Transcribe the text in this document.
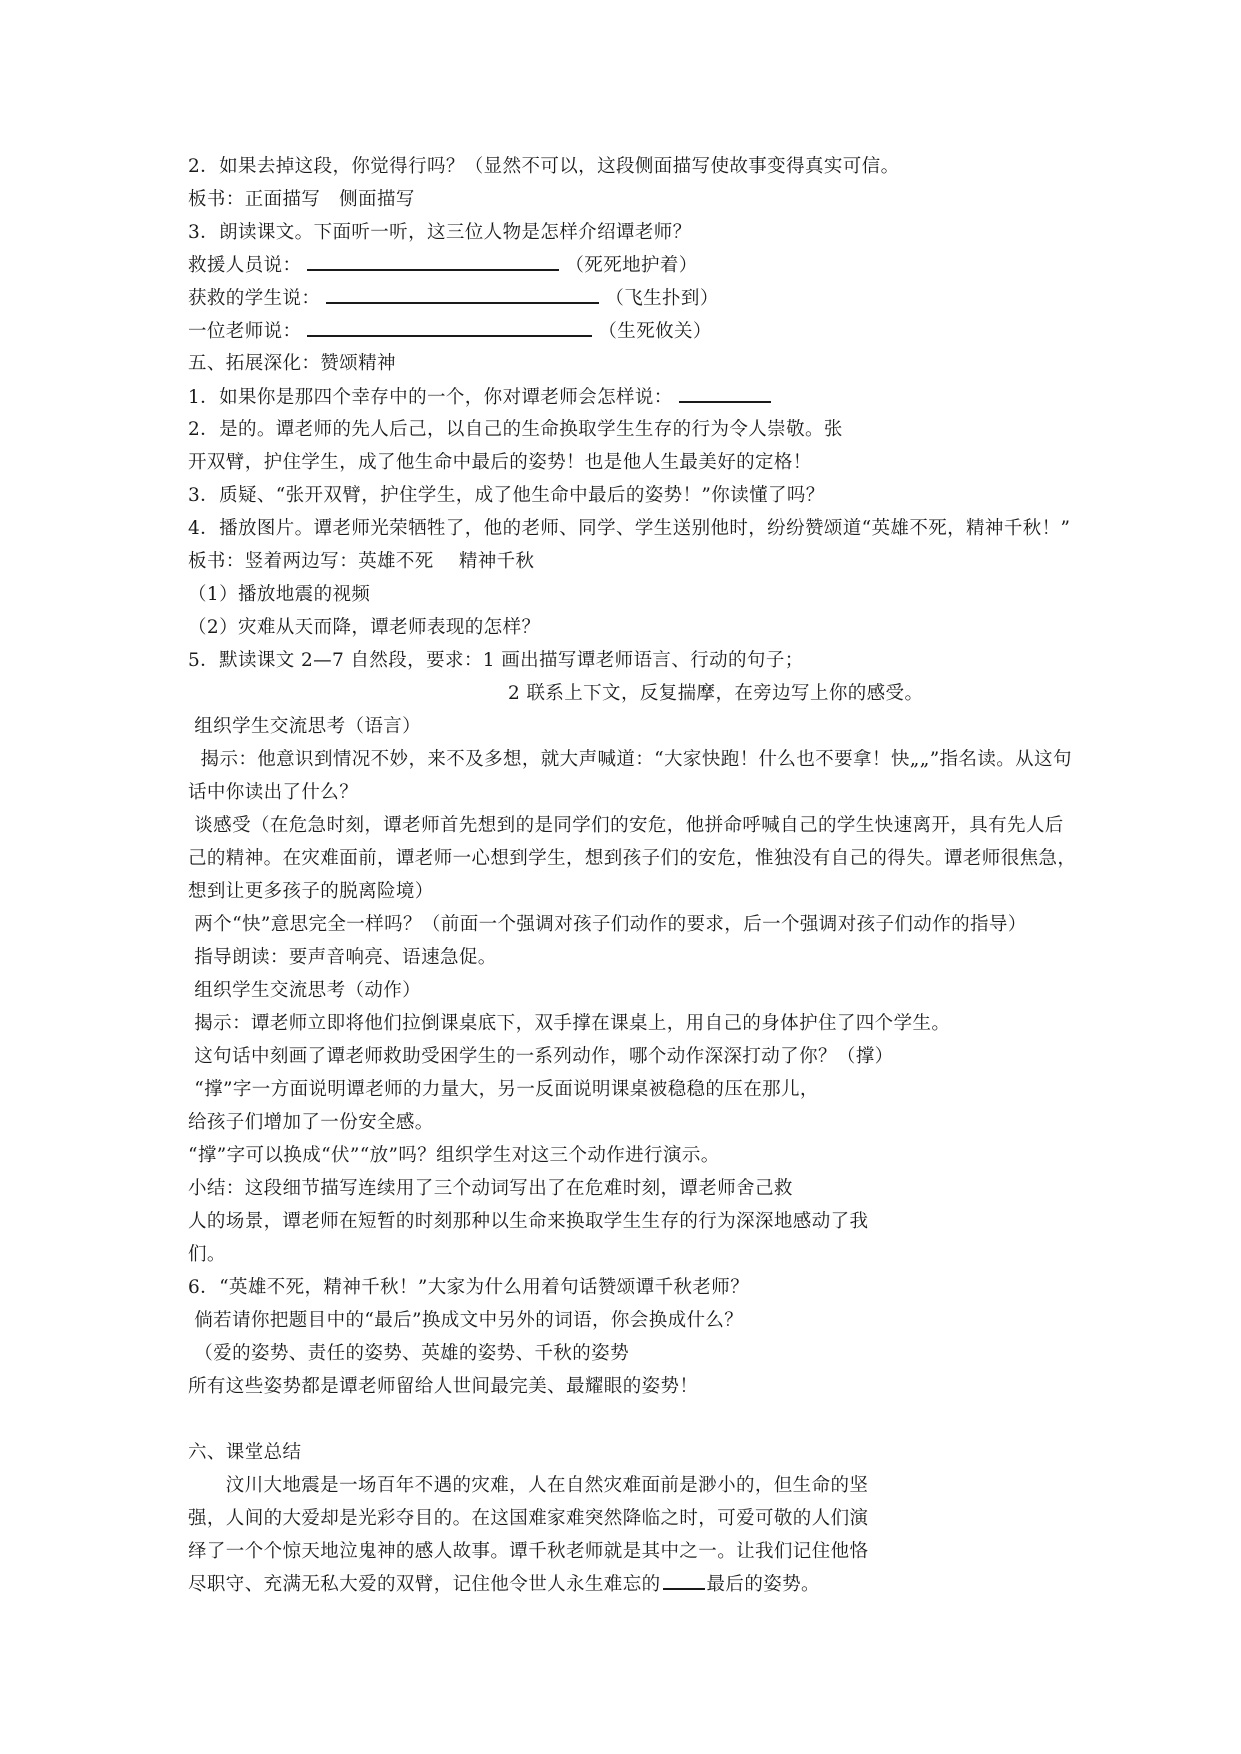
2．如果去掉这段，你觉得行吗？（显然不可以，这段侧面描写使故事变得真实可信。
板书：正面描写   侧面描写
3．朗读课文。下面听一听，这三位人物是怎样介绍谭老师？
救援人员说：	（死死地护着）
获救的学生说：	（飞生扑到）
一位老师说：	（生死攸关）
五、拓展深化：赞颂精神
1．如果你是那四个幸存中的一个，你对谭老师会怎样说：
2．是的。谭老师的先人后己，以自己的生命换取学生生存的行为令人崇敬。张
开双臂，护住学生，成了他生命中最后的姿势！也是他人生最美好的定格！
3．质疑、“张开双臂，护住学生，成了他生命中最后的姿势！”你读懂了吗？
4．播放图片。谭老师光荣牺牲了，他的老师、同学、学生送别他时，纷纷赞颂道“英雄不死，精神千秋！”
板书：竖着两边写：英雄不死    精神千秋
（1）播放地震的视频
（2）灾难从天而降，谭老师表现的怎样？
5．默读课文 2—7 自然段，要求：1 画出描写谭老师语言、行动的句子；
2 联系上下文，反复揣摩，在旁边写上你的感受。
组织学生交流思考（语言）
揭示：他意识到情况不妙，来不及多想，就大声喊道：“大家快跑！什么也不要拿！快„„”指名读。从这句
话中你读出了什么？
谈感受（在危急时刻，谭老师首先想到的是同学们的安危，他拼命呼喊自己的学生快速离开，具有先人后
己的精神。在灾难面前，谭老师一心想到学生，想到孩子们的安危，惟独没有自己的得失。谭老师很焦急，
想到让更多孩子的脱离险境）
两个“快”意思完全一样吗？（前面一个强调对孩子们动作的要求，后一个强调对孩子们动作的指导）
指导朗读：要声音响亮、语速急促。
组织学生交流思考（动作）
揭示：谭老师立即将他们拉倒课桌底下，双手撑在课桌上，用自己的身体护住了四个学生。
这句话中刻画了谭老师救助受困学生的一系列动作，哪个动作深深打动了你？（撑）
“撑”字一方面说明谭老师的力量大，另一反面说明课桌被稳稳的压在那儿，
给孩子们增加了一份安全感。
“撑”字可以换成“伏”“放”吗？组织学生对这三个动作进行演示。
小结：这段细节描写连续用了三个动词写出了在危难时刻，谭老师舍己救
人的场景，谭老师在短暂的时刻那种以生命来换取学生生存的行为深深地感动了我
们。
6．“英雄不死，精神千秋！”大家为什么用着句话赞颂谭千秋老师？
倘若请你把题目中的“最后”换成文中另外的词语，你会换成什么？
（爱的姿势、责任的姿势、英雄的姿势、千秋的姿势
所有这些姿势都是谭老师留给人世间最完美、最耀眼的姿势！
六、课堂总结
汶川大地震是一场百年不遇的灾难，人在自然灾难面前是渺小的，但生命的坚
强，人间的大爱却是光彩夺目的。在这国难家难突然降临之时，可爱可敬的人们演
绎了一个个惊天地泣鬼神的感人故事。谭千秋老师就是其中之一。让我们记住他恪
尽职守、充满无私大爱的双臂，记住他令世人永生难忘的 最后的姿势。
